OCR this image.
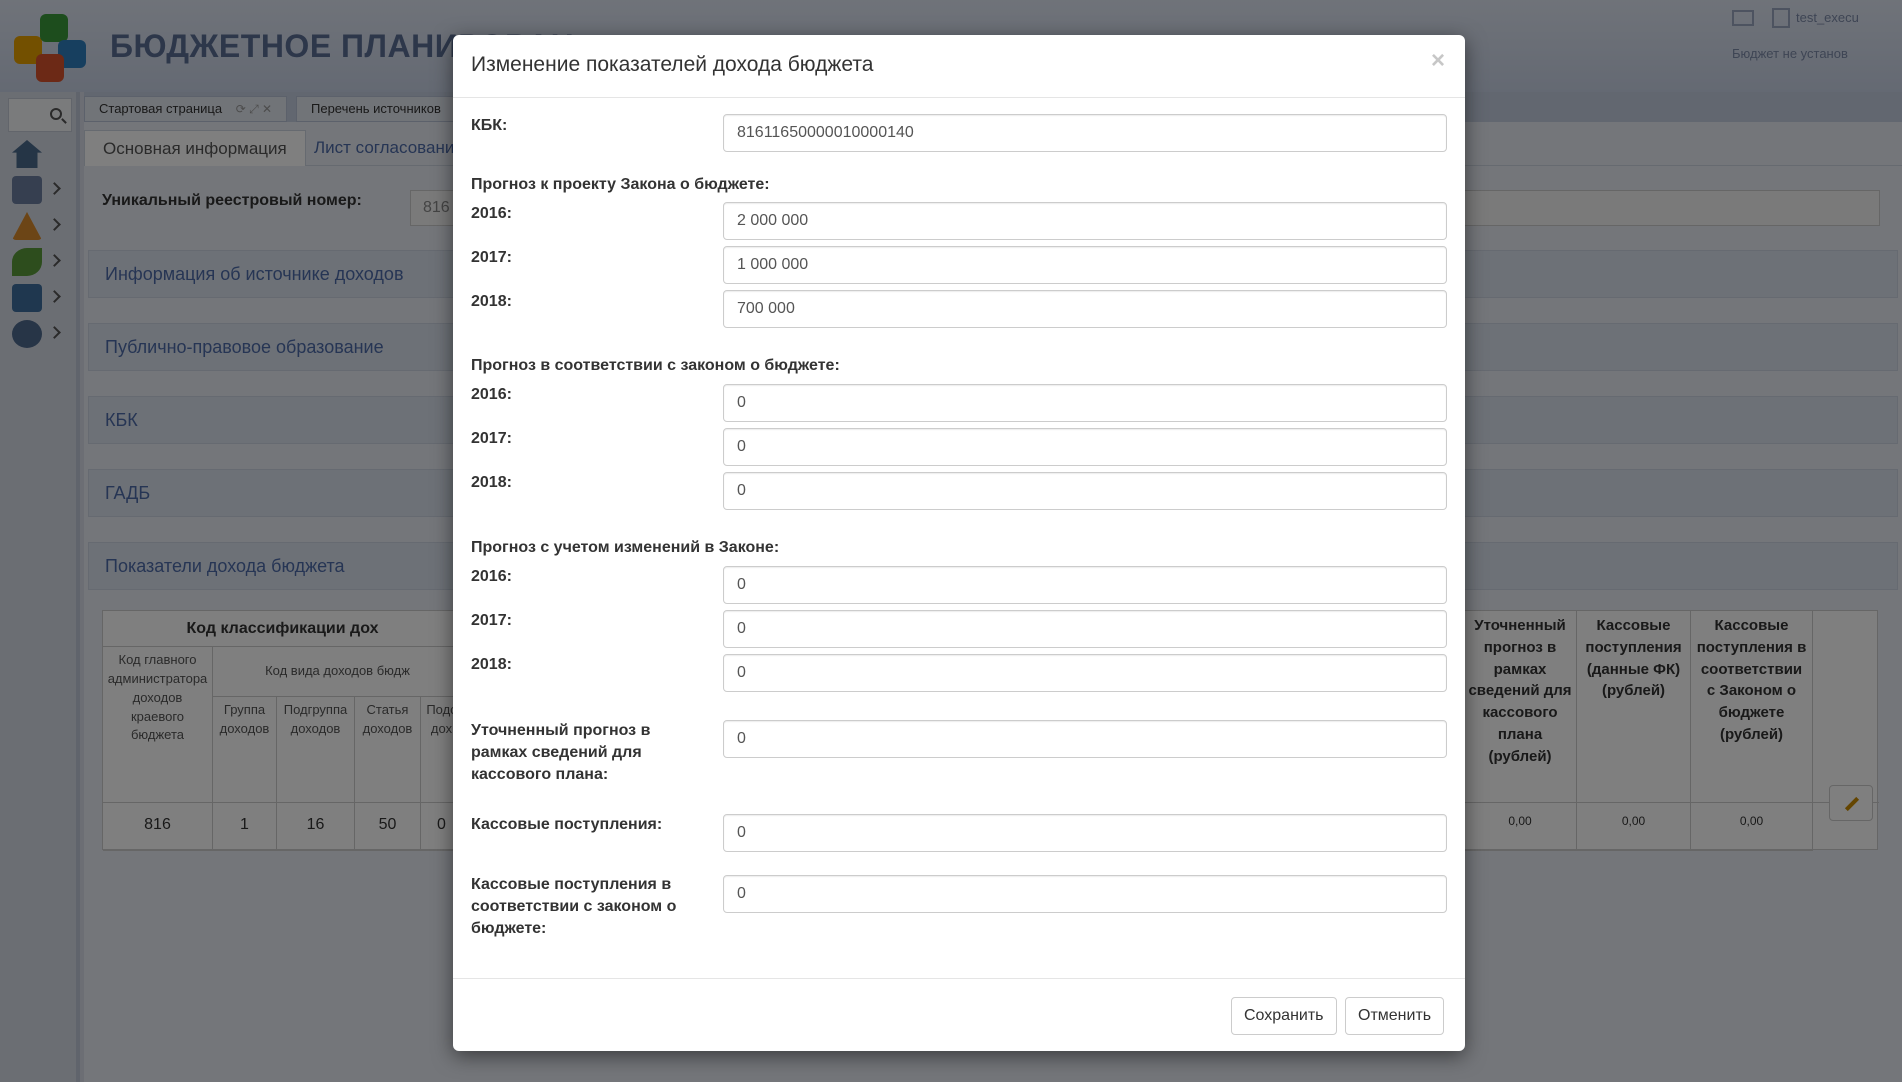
Изменение показателей дохода бюджета	×
КБК:
81611650000010000140
Прогноз к проекту Закона о бюджете:
2016:
2 000 000
2017:
1 000 000
2018:
700 000
Прогноз в соответствии с законом о бюджете:
2016:
0
2017:
0
2018:
0
Прогноз с учетом изменений в Законе:
2016:
0
2017:
0
2018:
0
Уточненный прогноз в рамках сведений для кассового плана:
0
Кассовые поступления:
0
Кассовые поступления в соответствии с законом о бюджете:
0
Сохранить	Отменить
